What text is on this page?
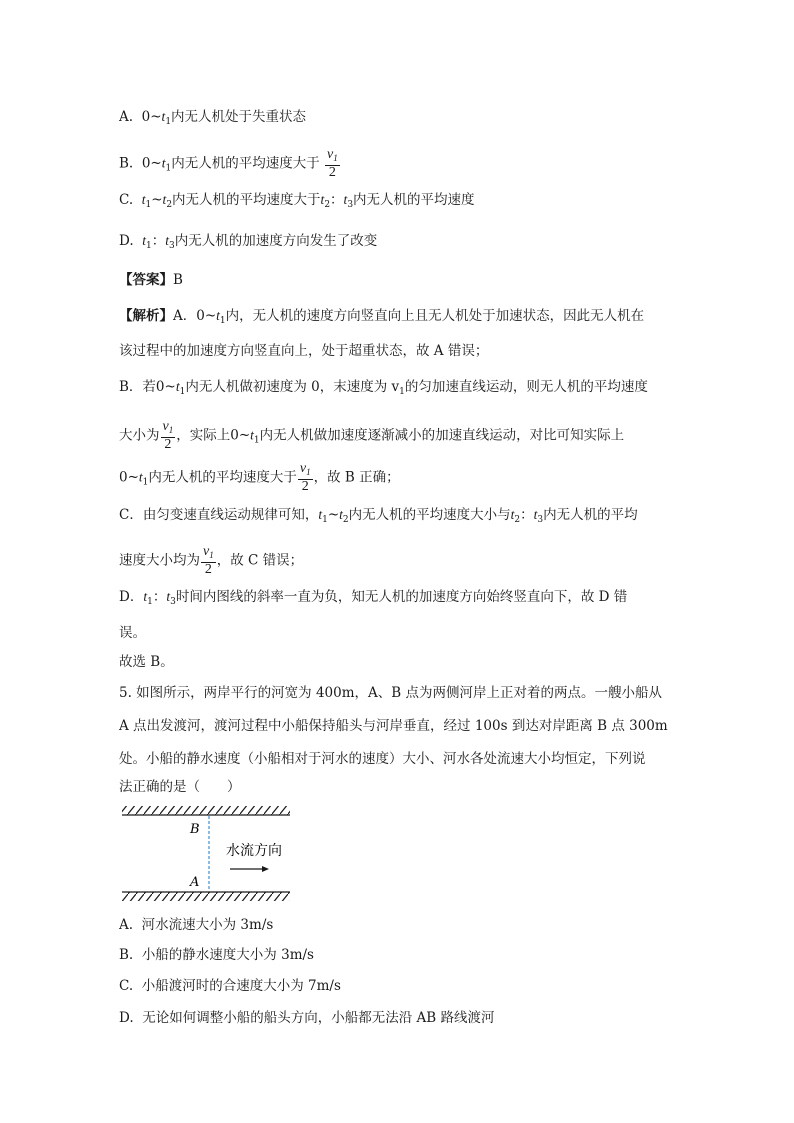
A. $0\sim t_1$内无人机处于失重状态
B. $0\sim t_1$内无人机的平均速度大于 $\frac{v_1}{2}$
C. $t_1\sim t_2$内无人机的平均速度大于$t_2$：$t_3$内无人机的平均速度
D. $t_1$：$t_3$内无人机的加速度方向发生了改变
【答案】B
【解析】A．$0\sim t_1$内，无人机的速度方向竖直向上且无人机处于加速状态，因此无人机在
该过程中的加速度方向竖直向上，处于超重状态，故 A 错误；
B．若$0\sim t_1$内无人机做初速度为 0，末速度为 $v_1$的匀加速直线运动，则无人机的平均速度
大小为 $\frac{v_1}{2}$ ，实际上$0\sim t_1$内无人机做加速度逐渐减小的加速直线运动，对比可知实际上
$0\sim t_1$内无人机的平均速度大于 $\frac{v_1}{2}$ ，故 B 正确；
C．由匀变速直线运动规律可知，$t_1\sim t_2$内无人机的平均速度大小与$t_2$：$t_3$内无人机的平均
速度大小均为 $\frac{v_1}{2}$ ，故 C 错误；
D．$t_1$：$t_3$时间内图线的斜率一直为负，知无人机的加速度方向始终竖直向下，故 D 错
误。
故选 B。
5. 如图所示，两岸平行的河宽为 400m，A、B 点为两侧河岸上正对着的两点。一艘小船从
A 点出发渡河，渡河过程中小船保持船头与河岸垂直，经过 100s 到达对岸距离 B 点 300m
处。小船的静水速度（小船相对于河水的速度）大小、河水各处流速大小均恒定，下列说
法正确的是（　　）
B
A
水流方向
A. 河水流速大小为 3m/s
B. 小船的静水速度大小为 3m/s
C. 小船渡河时的合速度大小为 7m/s
D. 无论如何调整小船的船头方向，小船都无法沿 AB 路线渡河
